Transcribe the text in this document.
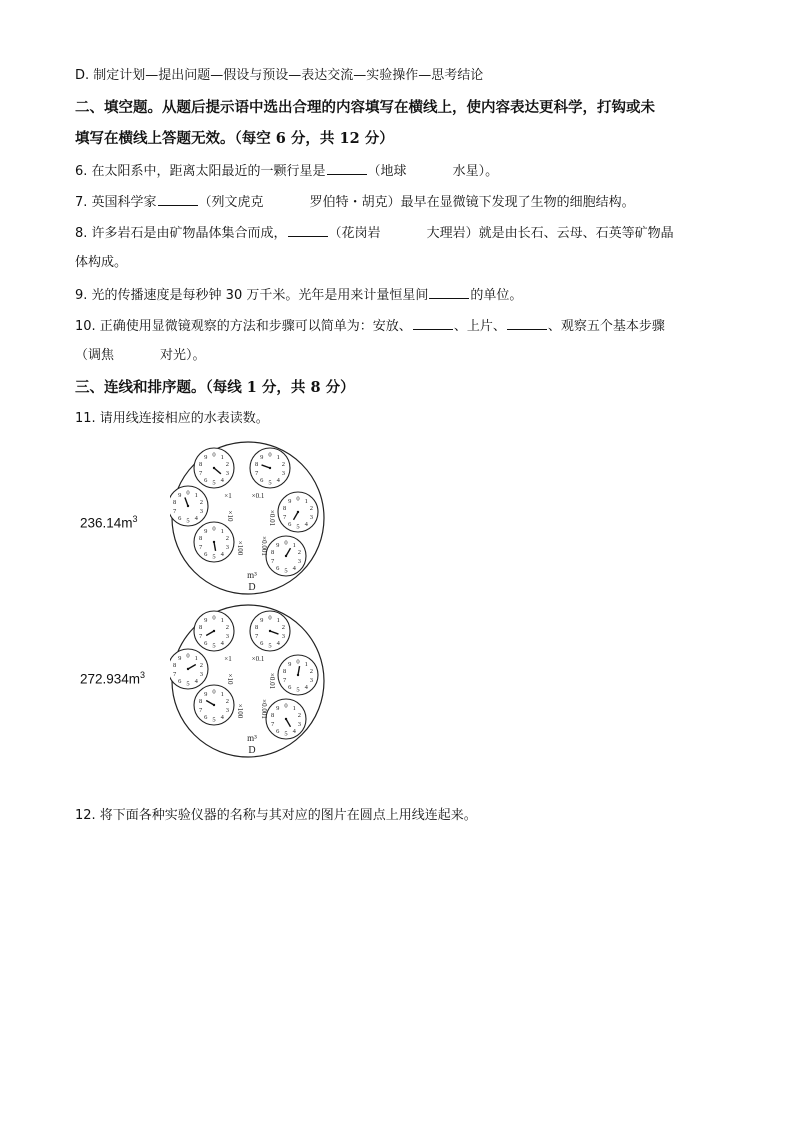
D. 制定计划—提出问题—假设与预设—表达交流—实验操作—思考结论
二、填空题。从题后提示语中选出合理的内容填写在横线上，使内容表达更科学，打钩或未
填写在横线上答题无效。（每空 6 分，共 12 分）
6. 在太阳系中，距离太阳最近的一颗行星是	（地球	水星）。
7. 英国科学家	（列文虎克	罗伯特・胡克）最早在显微镜下发现了生物的细胞结构。
8. 许多岩石是由矿物晶体集合而成，	（花岗岩	大理岩）就是由长石、云母、石英等矿物晶
体构成。
9. 光的传播速度是每秒钟 30 万千米。光年是用来计量恒星间	的单位。
10. 正确使用显微镜观察的方法和步骤可以简单为：安放、	、上片、	、观察五个基本步骤
（调焦	对光）。
三、连线和排序题。（每线 1 分，共 8 分）
11. 请用线连接相应的水表读数。
$236.14m^3$
$272.934m^3$
0 1
2
3
4
5
6
7
8
9	0 1
2
3
4
5
6
7
8
9
0 1
2
3
4
5
6
7
8
9
0 1
2
3
4
5
6
7
8
9
0 1
2
3
4
5
6
7
8
9
0 1
2
3
4
5
6
7
8
9	×1	×0.1
×10	×0.01
×100 ×0.001
m³
D
0 1
2
3
4
5
6
7
8
9	0 1
2
3
4
5
6
7
8
9
0 1
2
3
4
5
6
7
8
9
0 1
2
3
4
5
6
7
8
9
0 1
2
3
4
5
6
7
8
9
0 1
2
3
4
5
6
7
8
9	×1	×0.1
×10	×0.01
×100 ×0.001
m³
D
12. 将下面各种实验仪器的名称与其对应的图片在圆点上用线连起来。
